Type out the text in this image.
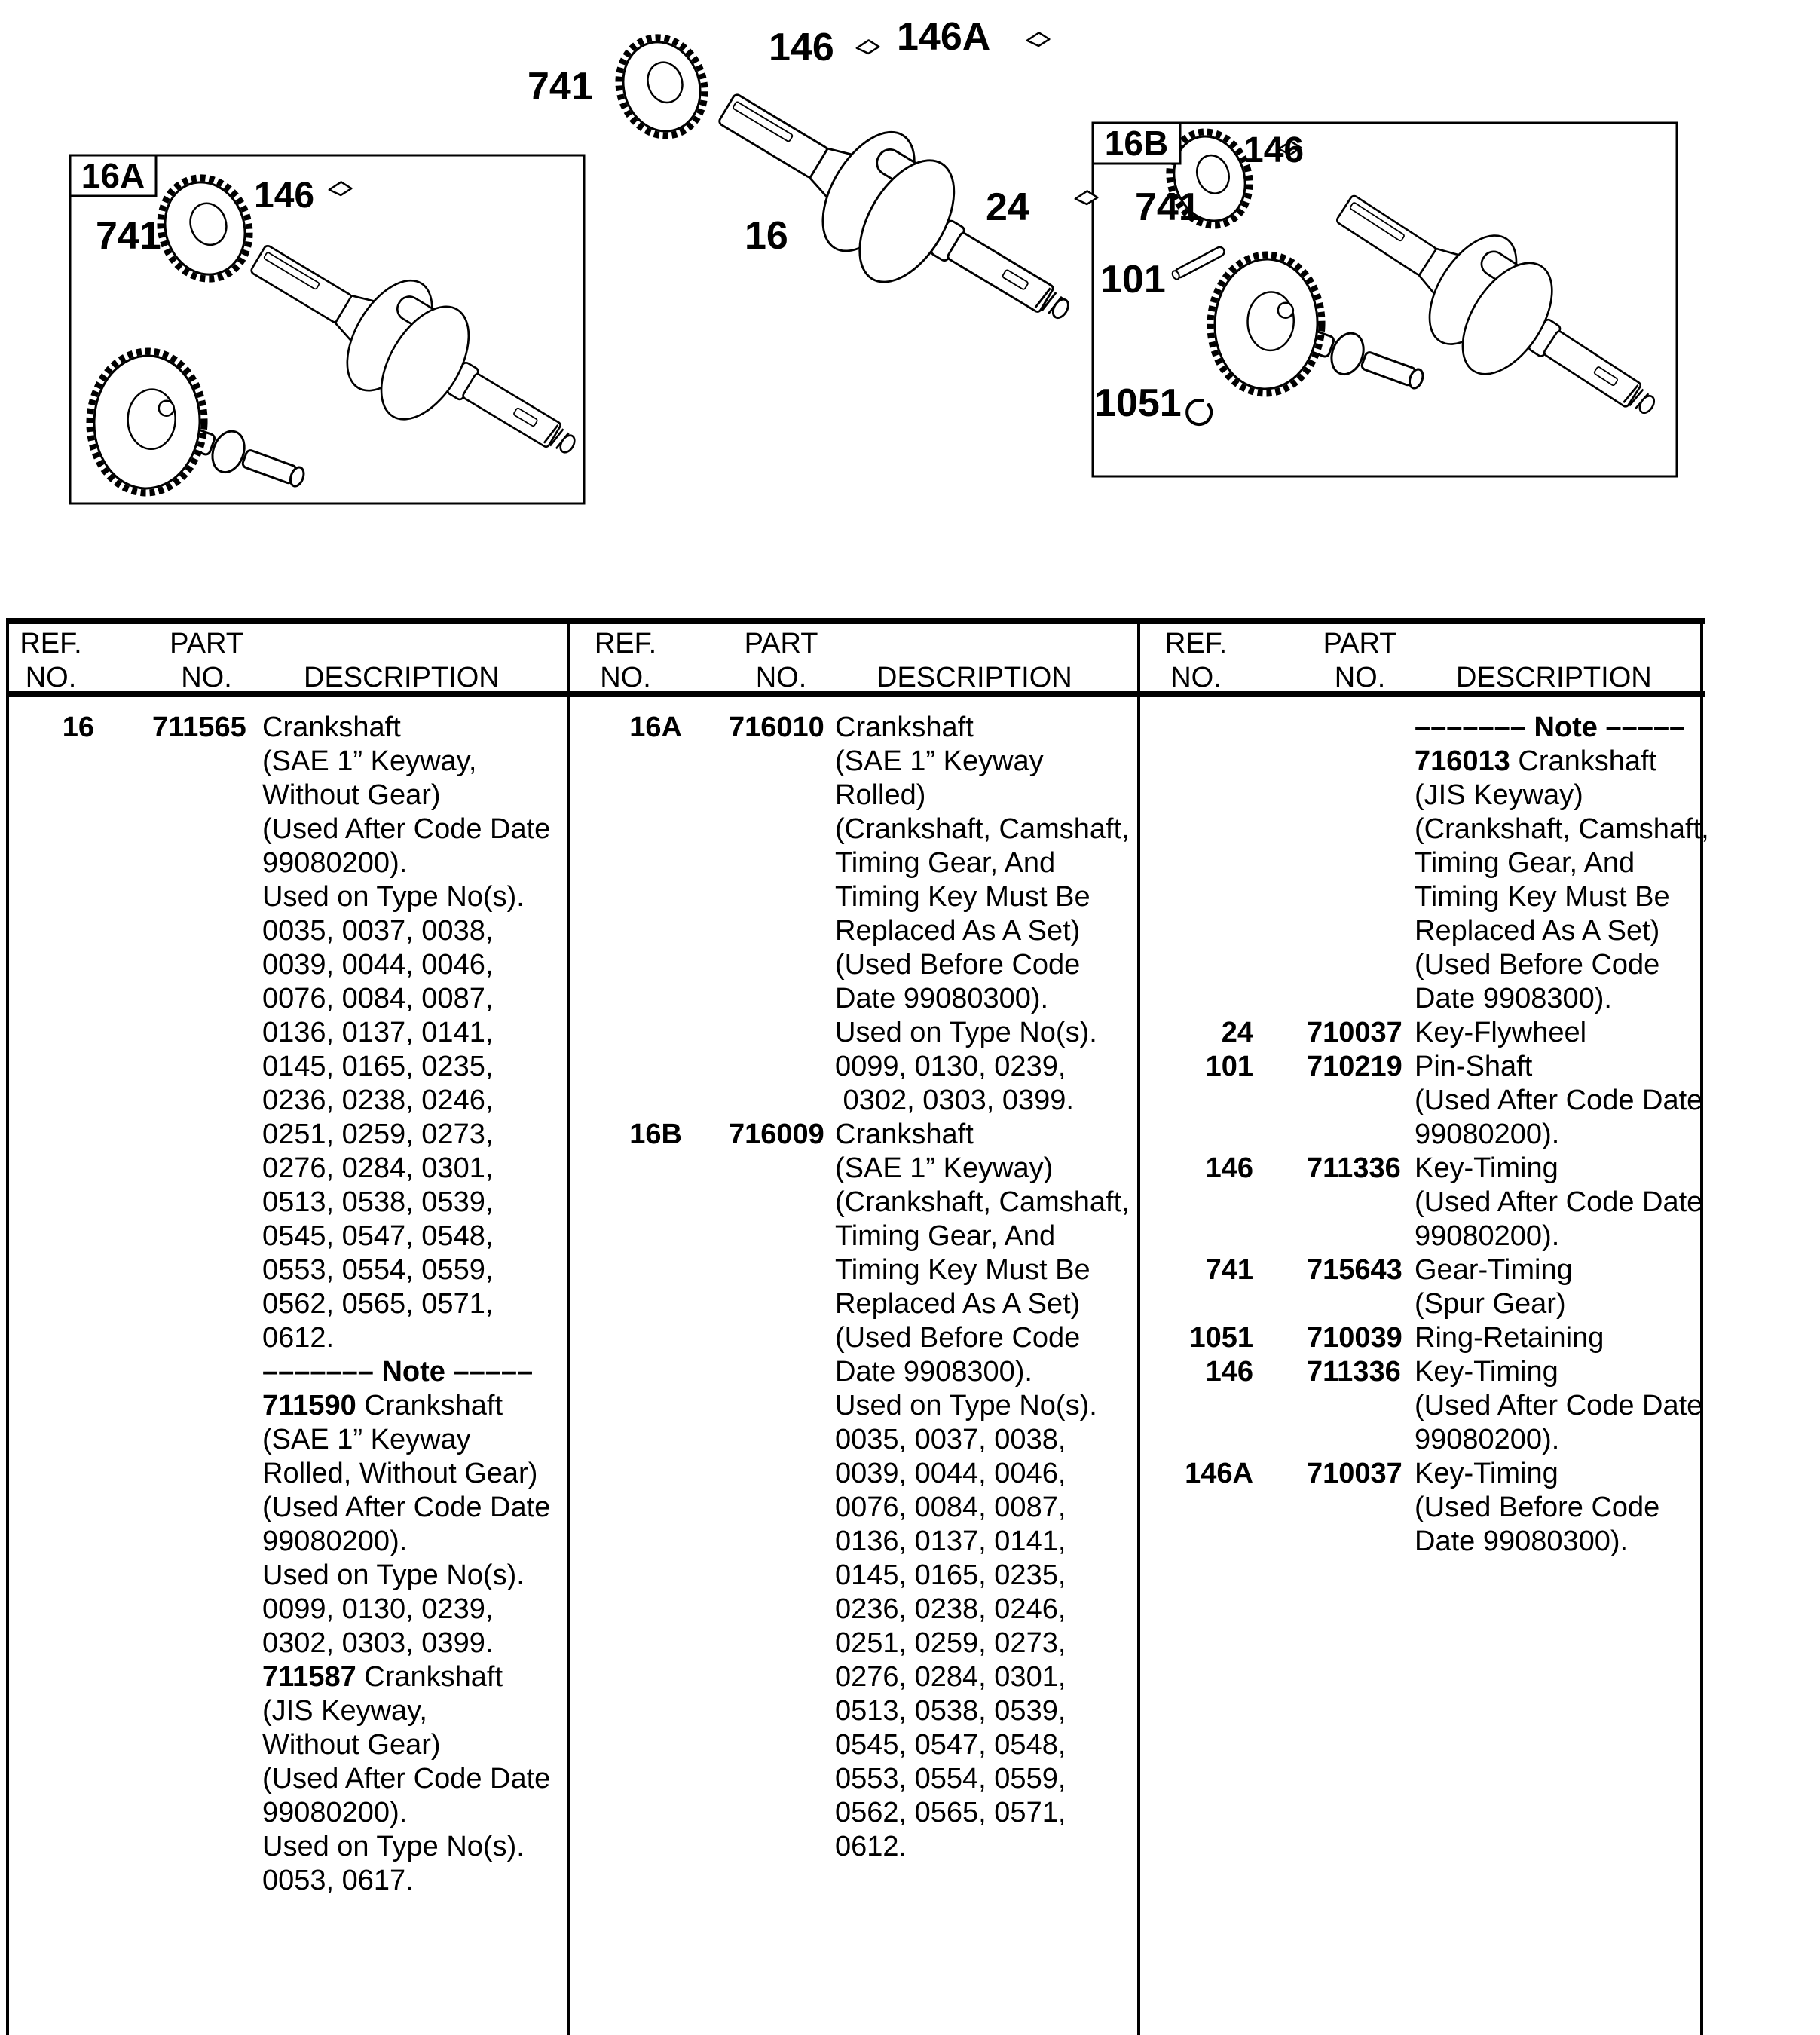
16A
741
146
741
146 146A
16
24
16B 146
741
101
1051
REF.
NO.
PART
NO.	DESCRIPTION
REF.
NO.
PART
NO.	DESCRIPTION
REF.
NO.
PART
NO.	DESCRIPTION
16 711565 Crankshaft
(SAE 1” Keyway,
Without Gear)
(Used After Code Date
99080200).
Used on Type No(s).
0035, 0037, 0038,
0039, 0044, 0046,
0076, 0084, 0087,
0136, 0137, 0141,
0145, 0165, 0235,
0236, 0238, 0246,
0251, 0259, 0273,
0276, 0284, 0301,
0513, 0538, 0539,
0545, 0547, 0548,
0553, 0554, 0559,
0562, 0565, 0571,
0612.
––––––– Note –––––
711590 Crankshaft
(SAE 1” Keyway
Rolled, Without Gear)
(Used After Code Date
99080200).
Used on Type No(s).
0099, 0130, 0239,
0302, 0303, 0399.
711587 Crankshaft
(JIS Keyway,
Without Gear)
(Used After Code Date
99080200).
Used on Type No(s).
0053, 0617.
16A 716010 Crankshaft
(SAE 1” Keyway
Rolled)
(Crankshaft, Camshaft,
Timing Gear, And
Timing Key Must Be
Replaced As A Set)
(Used Before Code
Date 99080300).
Used on Type No(s).
0099, 0130, 0239,
0302, 0303, 0399.
16B 716009 Crankshaft
(SAE 1” Keyway)
(Crankshaft, Camshaft,
Timing Gear, And
Timing Key Must Be
Replaced As A Set)
(Used Before Code
Date 9908300).
Used on Type No(s).
0035, 0037, 0038,
0039, 0044, 0046,
0076, 0084, 0087,
0136, 0137, 0141,
0145, 0165, 0235,
0236, 0238, 0246,
0251, 0259, 0273,
0276, 0284, 0301,
0513, 0538, 0539,
0545, 0547, 0548,
0553, 0554, 0559,
0562, 0565, 0571,
0612.
––––––– Note –––––
716013 Crankshaft
(JIS Keyway)
(Crankshaft, Camshaft,
Timing Gear, And
Timing Key Must Be
Replaced As A Set)
(Used Before Code
Date 9908300).
24 710037 Key-Flywheel
101 710219 Pin-Shaft
(Used After Code Date
99080200).
146 711336 Key-Timing
(Used After Code Date
99080200).
741 715643 Gear-Timing
(Spur Gear)
1051 710039 Ring-Retaining
146 711336 Key-Timing
(Used After Code Date
99080200).
146A 710037 Key-Timing
(Used Before Code
Date 99080300).
